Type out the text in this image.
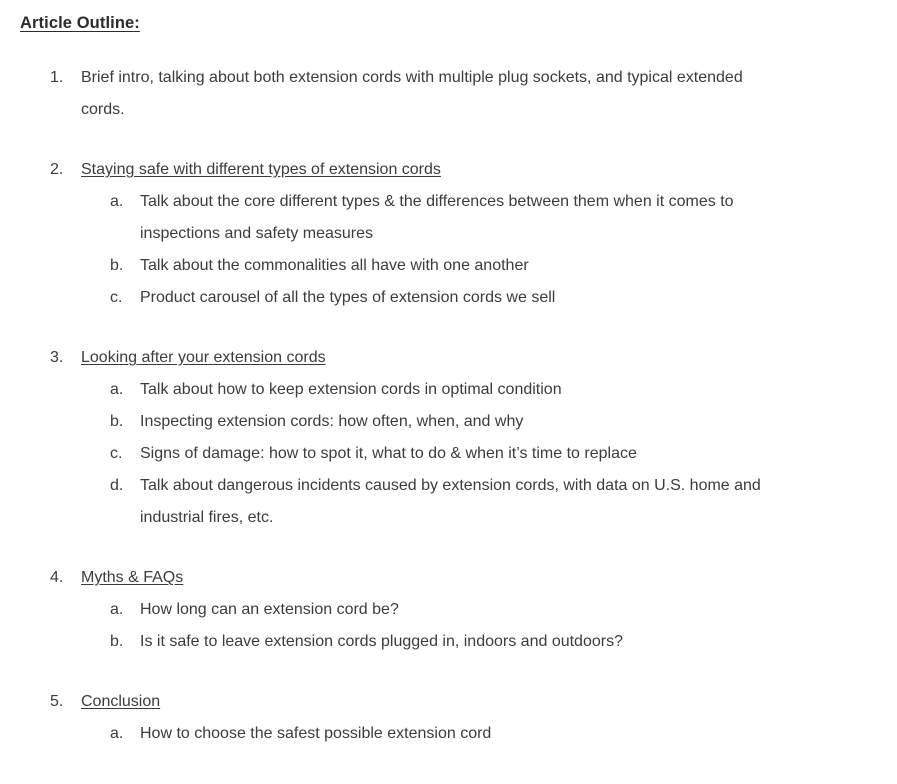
Article Outline:
1.	Brief intro, talking about both extension cords with multiple plug sockets, and typical extended cords.
2.	Staying safe with different types of extension cords
a.	Talk about the core different types & the differences between them when it comes to inspections and safety measures
b.	Talk about the commonalities all have with one another
c.	Product carousel of all the types of extension cords we sell
3.	Looking after your extension cords
a.	Talk about how to keep extension cords in optimal condition
b.	Inspecting extension cords: how often, when, and why
c.	Signs of damage: how to spot it, what to do & when it’s time to replace
d.	Talk about dangerous incidents caused by extension cords, with data on U.S. home and industrial fires, etc.
4.	Myths & FAQs
a.	How long can an extension cord be?
b.	Is it safe to leave extension cords plugged in, indoors and outdoors?
5.	Conclusion
a.	How to choose the safest possible extension cord
